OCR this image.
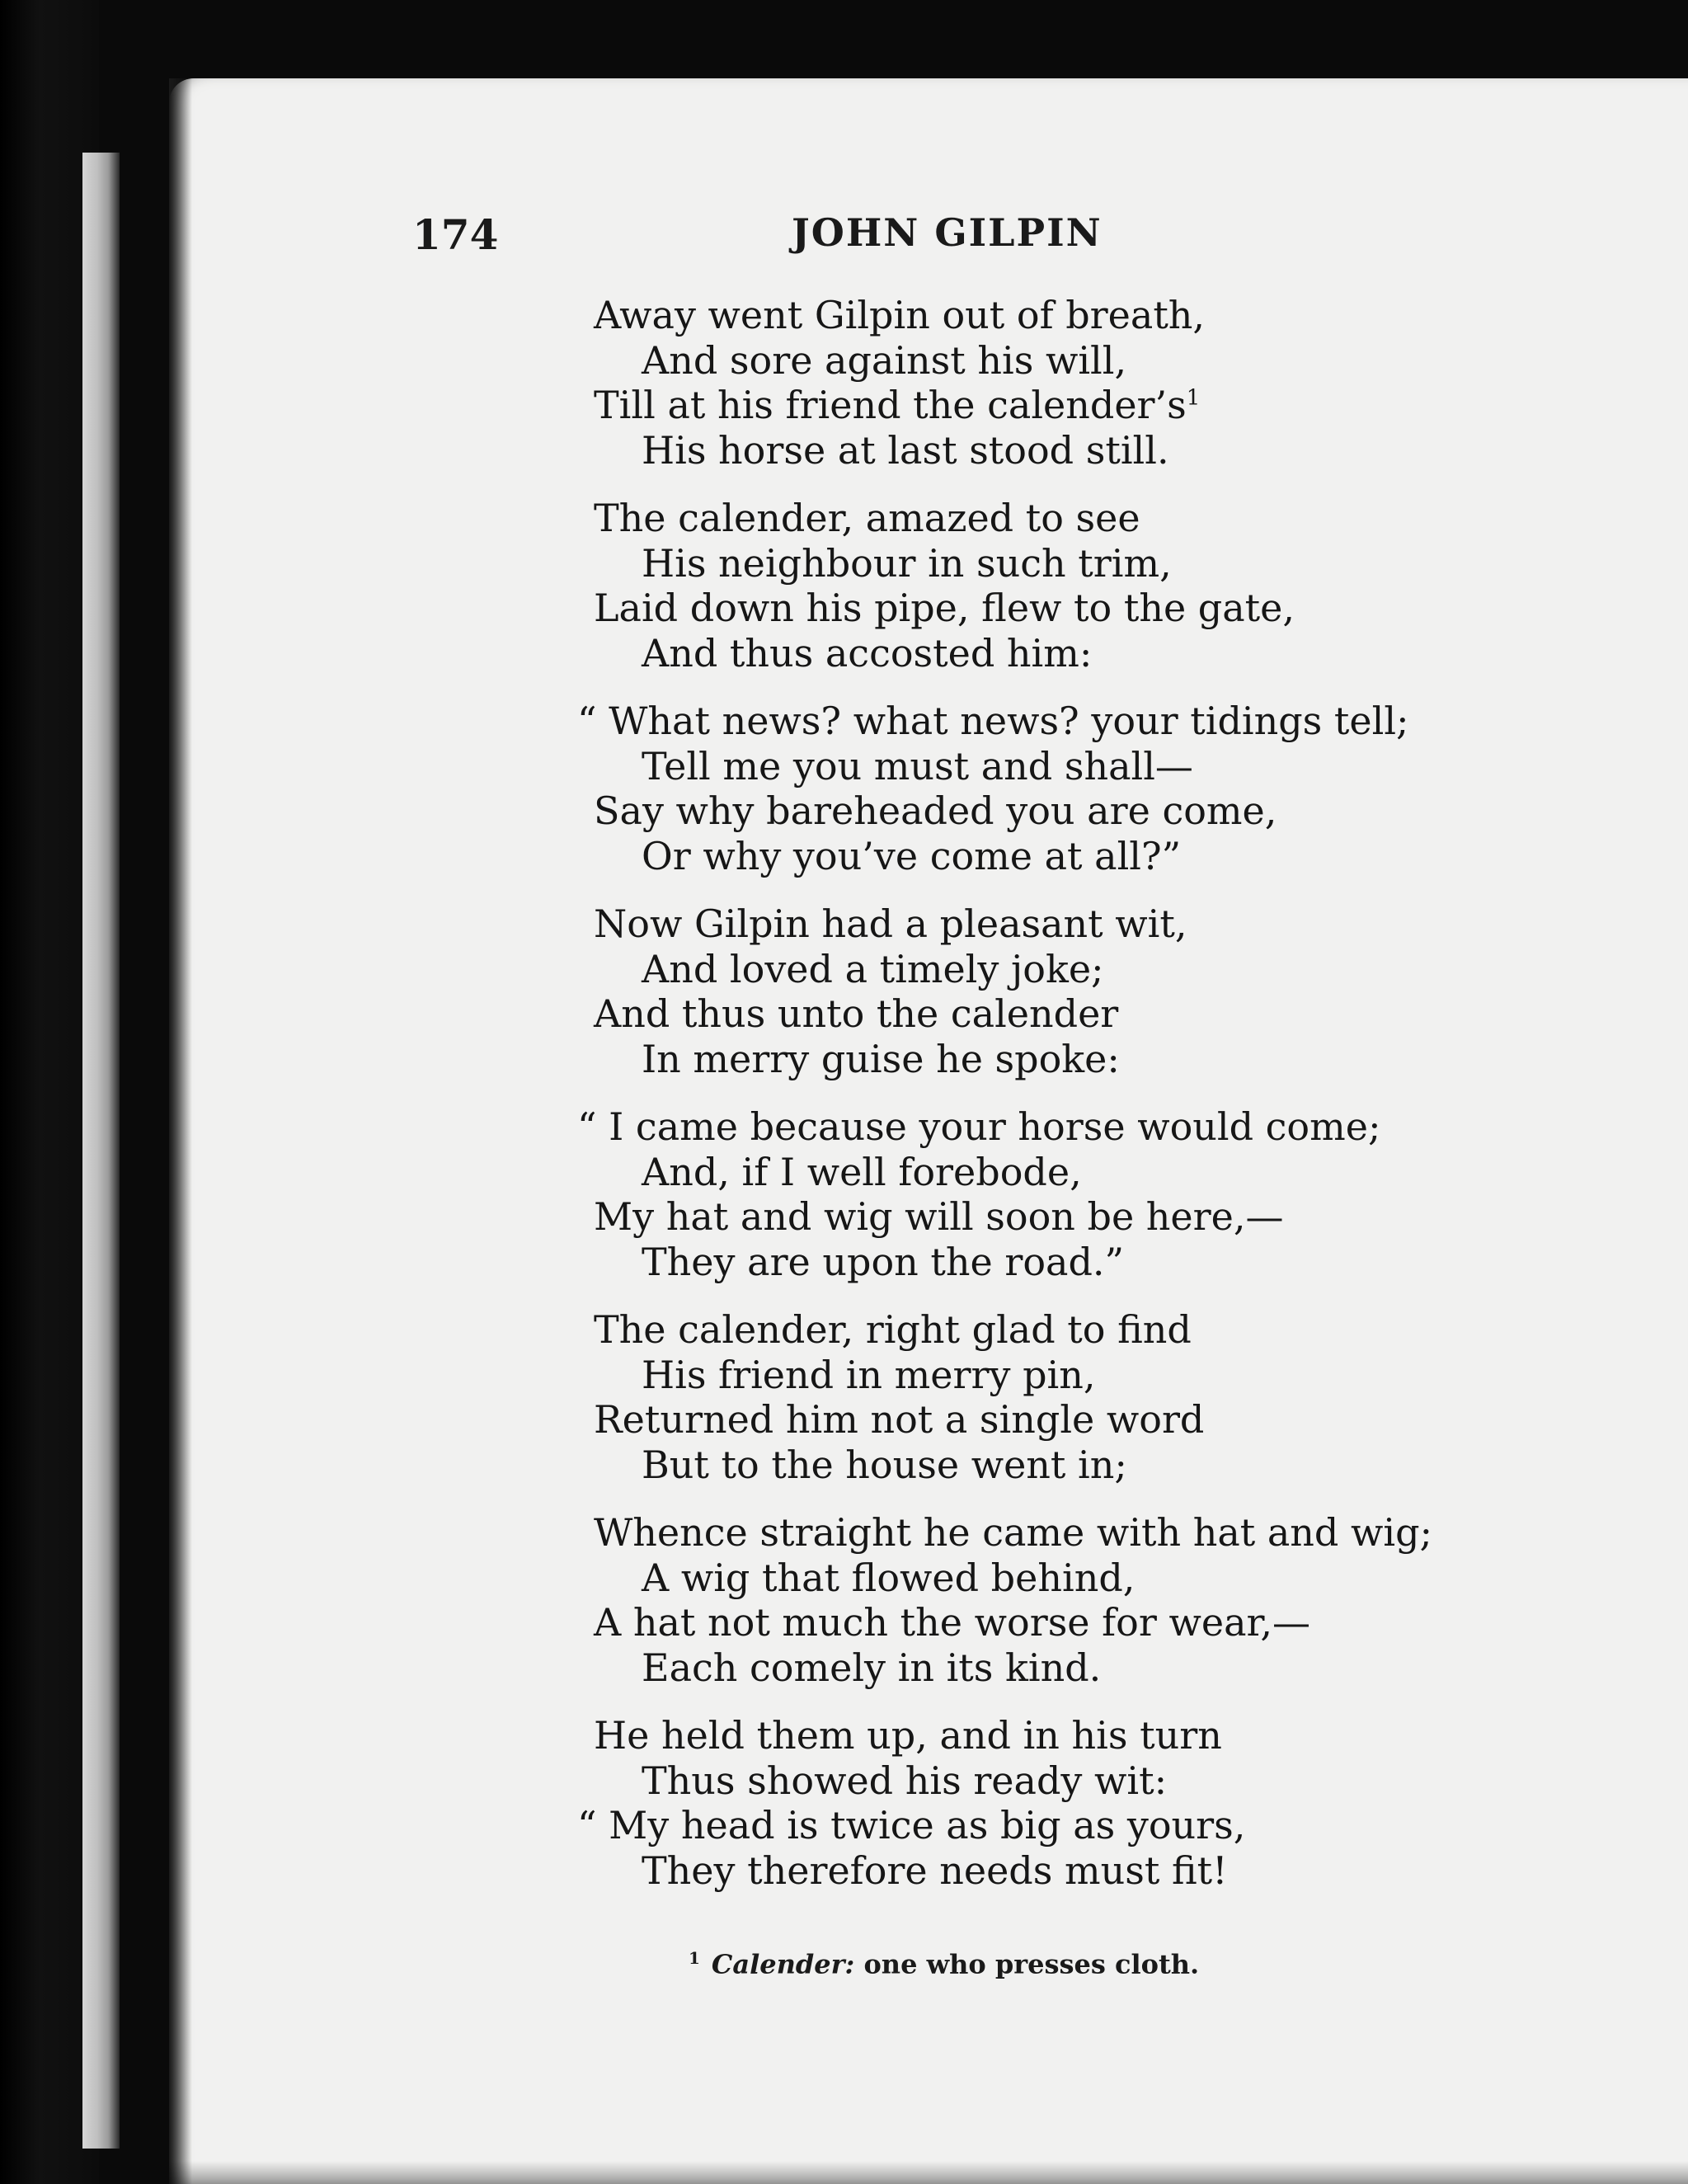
174	JOHN GILPIN
Away went Gilpin out of breath,
And sore against his will,
Till at his friend the calender’s$^1$
His horse at last stood still.
The calender, amazed to see
His neighbour in such trim,
Laid down his pipe, flew to the gate,
And thus accosted him:
“ What news? what news? your tidings tell;
Tell me you must and shall—
Say why bareheaded you are come,
Or why you’ve come at all?”
Now Gilpin had a pleasant wit,
And loved a timely joke;
And thus unto the calender
In merry guise he spoke:
“ I came because your horse would come;
And, if I well forebode,
My hat and wig will soon be here,—
They are upon the road.”
The calender, right glad to find
His friend in merry pin,
Returned him not a single word
But to the house went in;
Whence straight he came with hat and wig;
A wig that flowed behind,
A hat not much the worse for wear,—
Each comely in its kind.
He held them up, and in his turn
Thus showed his ready wit:
“ My head is twice as big as yours,
They therefore needs must fit!
$^1$ Calender: one who presses cloth.
